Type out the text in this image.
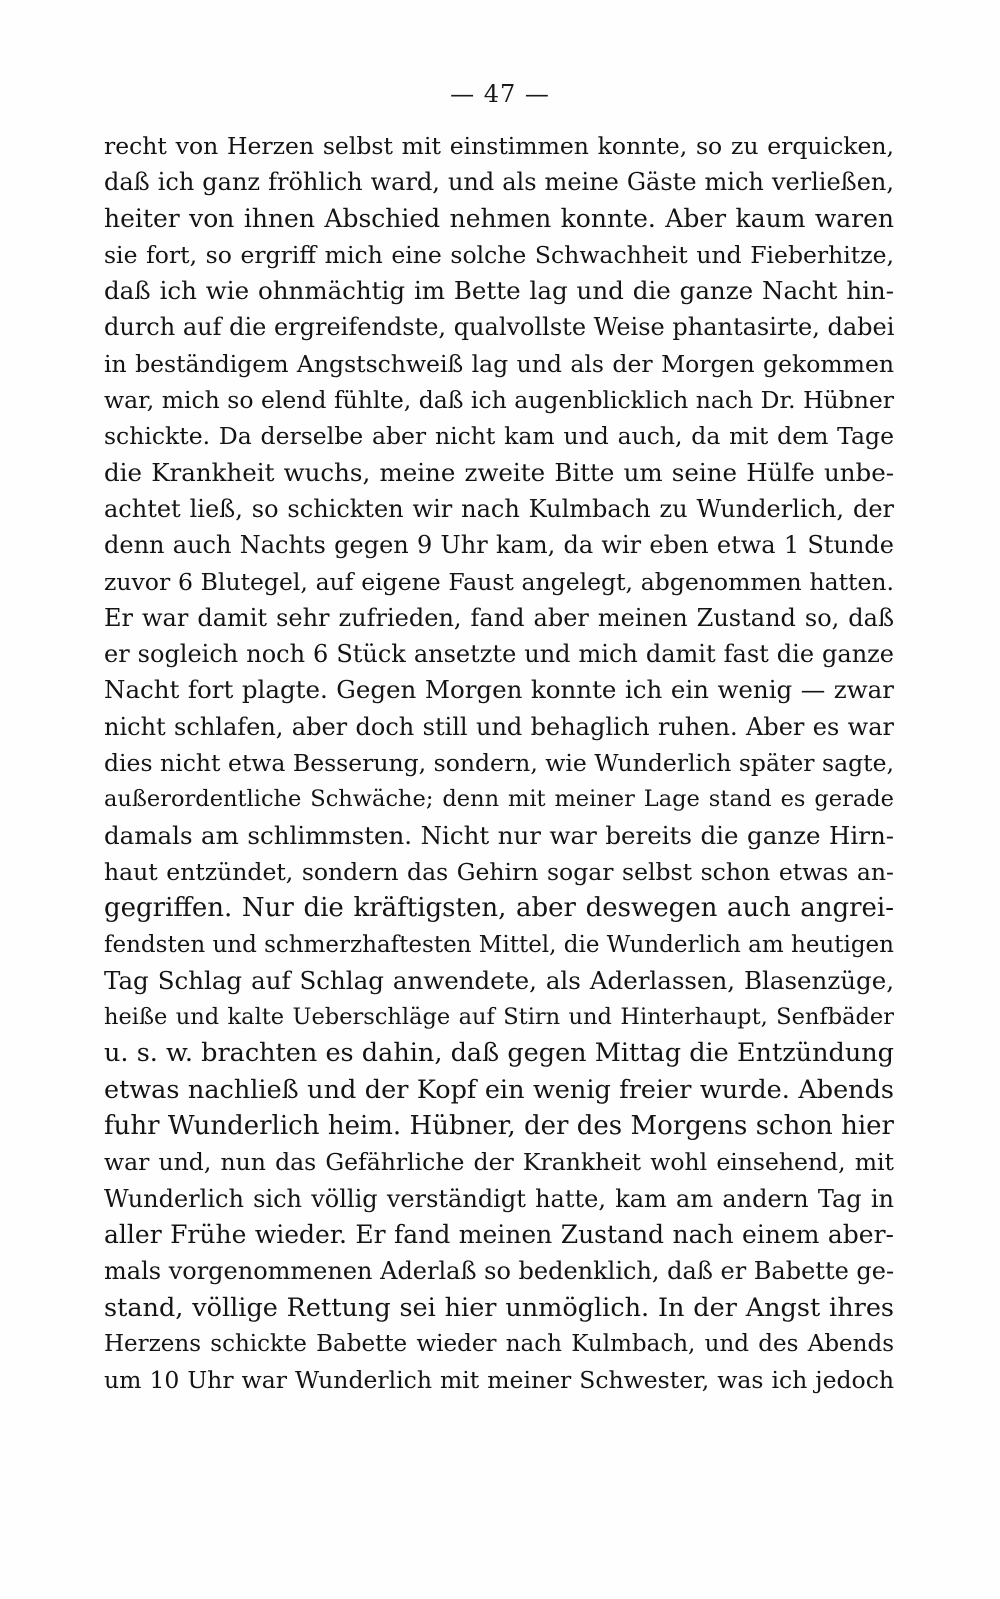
— 47 —
recht von Herzen selbst mit einstimmen konnte, so zu erquicken,
daß ich ganz fröhlich ward, und als meine Gäste mich verließen,
heiter von ihnen Abschied nehmen konnte. Aber kaum waren
sie fort, so ergriff mich eine solche Schwachheit und Fieberhitze,
daß ich wie ohnmächtig im Bette lag und die ganze Nacht hin-
durch auf die ergreifendste, qualvollste Weise phantasirte, dabei
in beständigem Angstschweiß lag und als der Morgen gekommen
war, mich so elend fühlte, daß ich augenblicklich nach Dr. Hübner
schickte. Da derselbe aber nicht kam und auch, da mit dem Tage
die Krankheit wuchs, meine zweite Bitte um seine Hülfe unbe-
achtet ließ, so schickten wir nach Kulmbach zu Wunderlich, der
denn auch Nachts gegen 9 Uhr kam, da wir eben etwa 1 Stunde
zuvor 6 Blutegel, auf eigene Faust angelegt, abgenommen hatten.
Er war damit sehr zufrieden, fand aber meinen Zustand so, daß
er sogleich noch 6 Stück ansetzte und mich damit fast die ganze
Nacht fort plagte. Gegen Morgen konnte ich ein wenig — zwar
nicht schlafen, aber doch still und behaglich ruhen. Aber es war
dies nicht etwa Besserung, sondern, wie Wunderlich später sagte,
außerordentliche Schwäche; denn mit meiner Lage stand es gerade
damals am schlimmsten. Nicht nur war bereits die ganze Hirn-
haut entzündet, sondern das Gehirn sogar selbst schon etwas an-
gegriffen. Nur die kräftigsten, aber deswegen auch angrei-
fendsten und schmerzhaftesten Mittel, die Wunderlich am heutigen
Tag Schlag auf Schlag anwendete, als Aderlassen, Blasenzüge,
heiße und kalte Ueberschläge auf Stirn und Hinterhaupt, Senfbäder
u. s. w. brachten es dahin, daß gegen Mittag die Entzündung
etwas nachließ und der Kopf ein wenig freier wurde. Abends
fuhr Wunderlich heim. Hübner, der des Morgens schon hier
war und, nun das Gefährliche der Krankheit wohl einsehend, mit
Wunderlich sich völlig verständigt hatte, kam am andern Tag in
aller Frühe wieder. Er fand meinen Zustand nach einem aber-
mals vorgenommenen Aderlaß so bedenklich, daß er Babette ge-
stand, völlige Rettung sei hier unmöglich. In der Angst ihres
Herzens schickte Babette wieder nach Kulmbach, und des Abends
um 10 Uhr war Wunderlich mit meiner Schwester, was ich jedoch
